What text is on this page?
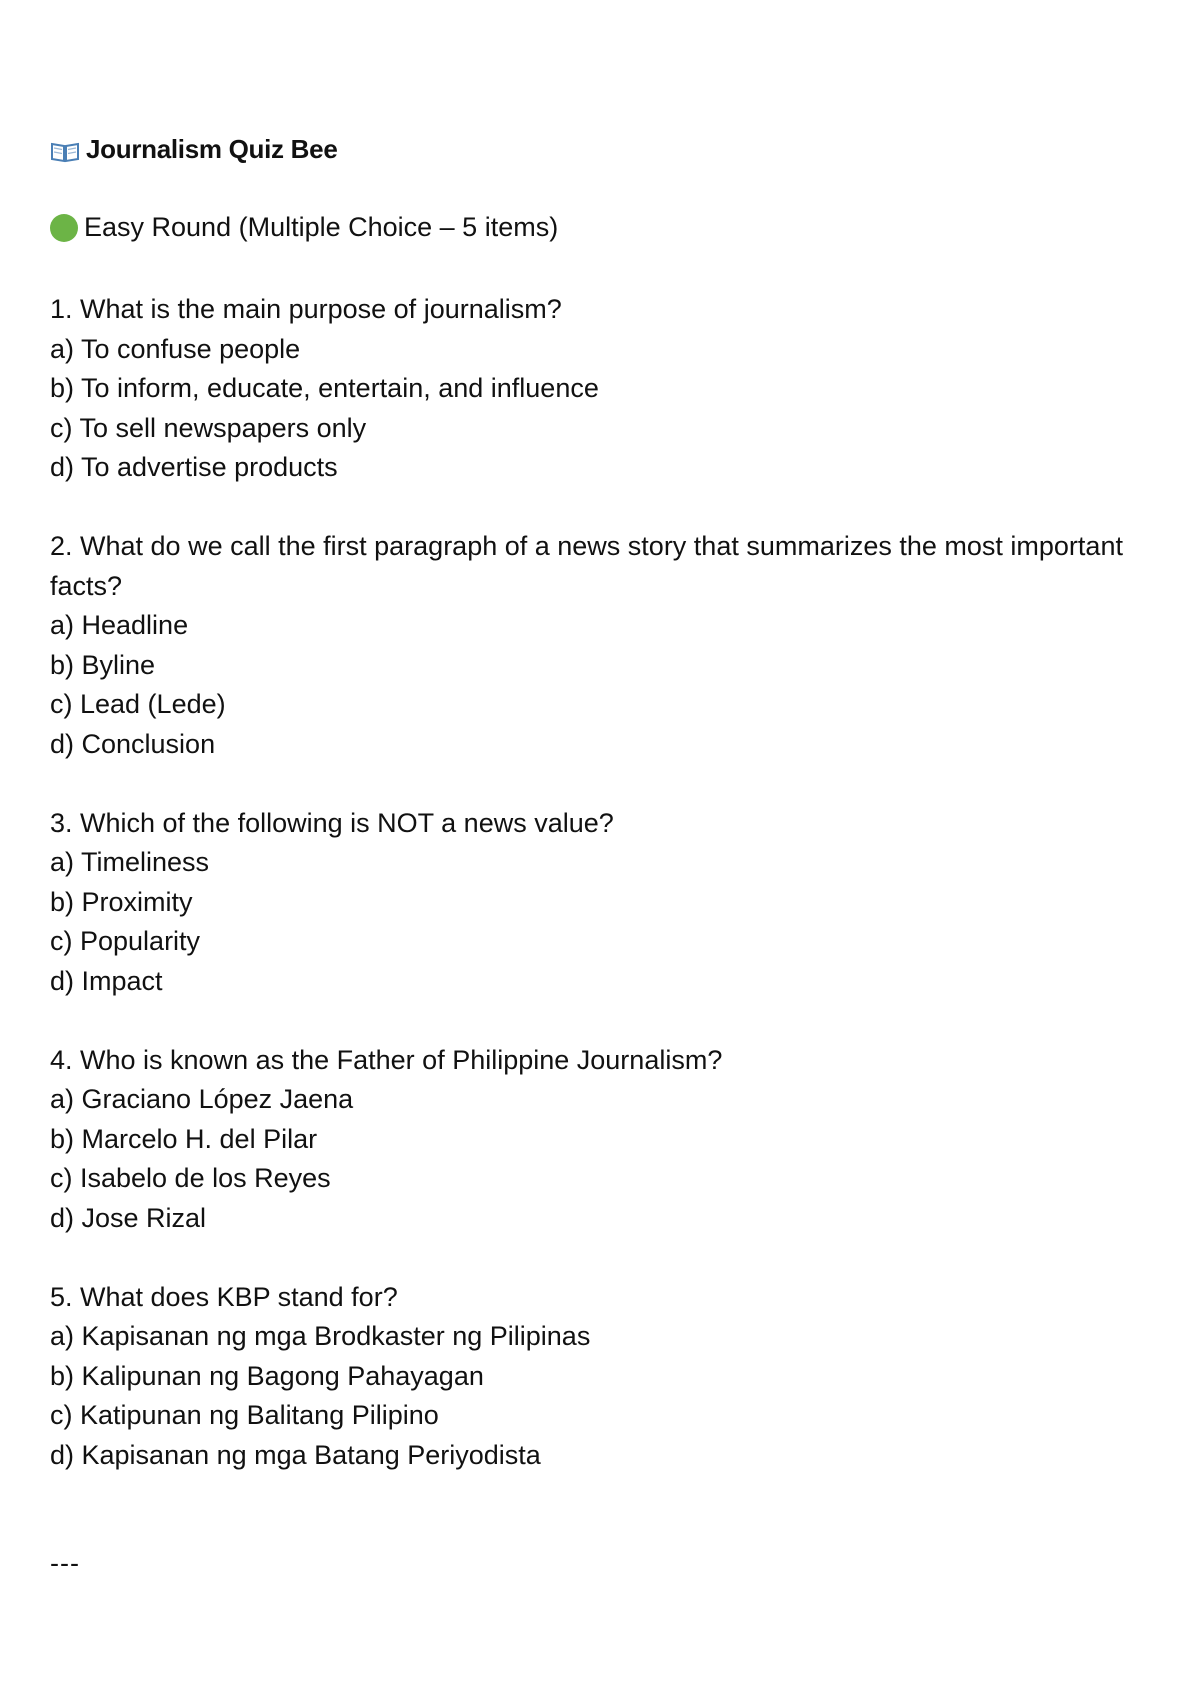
Journalism Quiz Bee
Easy Round (Multiple Choice – 5 items)
1. What is the main purpose of journalism?
a) To confuse people
b) To inform, educate, entertain, and influence
c) To sell newspapers only
d) To advertise products
2. What do we call the first paragraph of a news story that summarizes the most important facts?
a) Headline
b) Byline
c) Lead (Lede)
d) Conclusion
3. Which of the following is NOT a news value?
a) Timeliness
b) Proximity
c) Popularity
d) Impact
4. Who is known as the Father of Philippine Journalism?
a) Graciano López Jaena
b) Marcelo H. del Pilar
c) Isabelo de los Reyes
d) Jose Rizal
5. What does KBP stand for?
a) Kapisanan ng mga Brodkaster ng Pilipinas
b) Kalipunan ng Bagong Pahayagan
c) Katipunan ng Balitang Pilipino
d) Kapisanan ng mga Batang Periyodista
---
